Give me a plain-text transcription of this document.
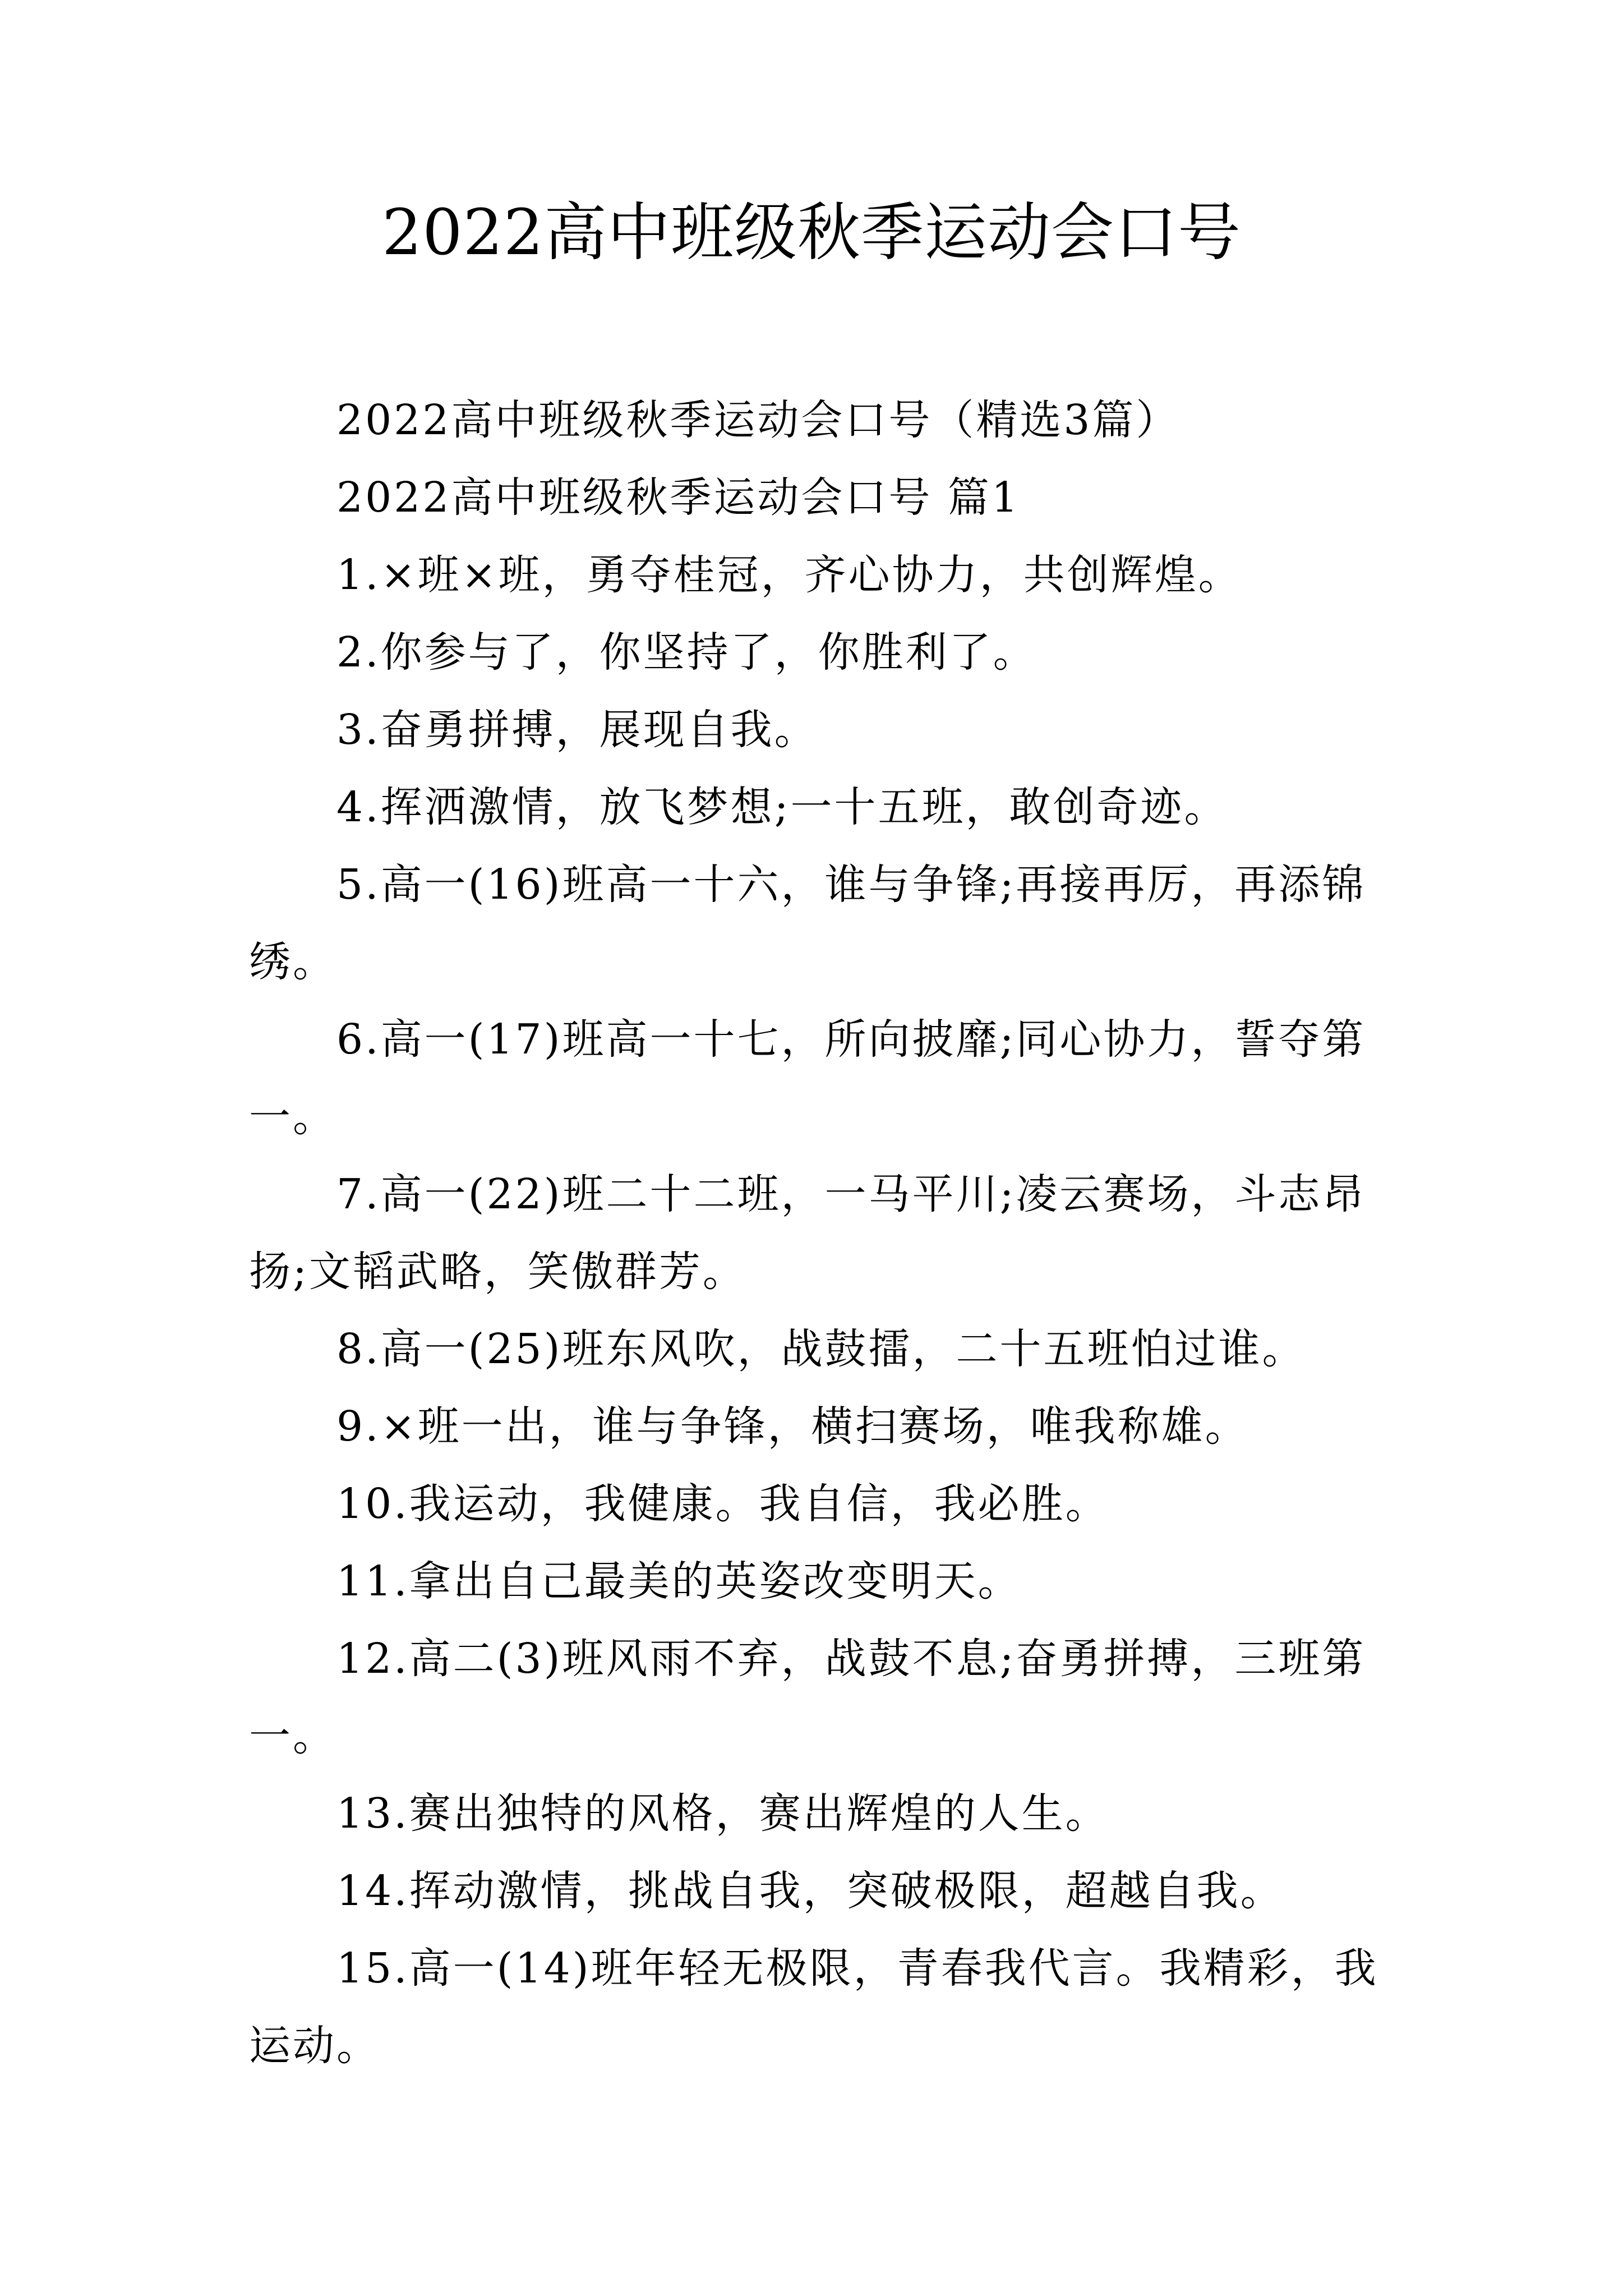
2022高中班级秋季运动会口号

2022高中班级秋季运动会口号（精选3篇）

2022高中班级秋季运动会口号 篇1

1.×班×班，勇夺桂冠，齐心协力，共创辉煌。

2.你参与了，你坚持了，你胜利了。

3.奋勇拼搏，展现自我。

4.挥洒激情，放飞梦想;一十五班，敢创奇迹。

5.高一(16)班高一十六，谁与争锋;再接再厉，再添锦绣。

6.高一(17)班高一十七，所向披靡;同心协力，誓夺第一。

7.高一(22)班二十二班，一马平川;凌云赛场，斗志昂扬;文韬武略，笑傲群芳。

8.高一(25)班东风吹，战鼓擂，二十五班怕过谁。

9.×班一出，谁与争锋，横扫赛场，唯我称雄。

10.我运动，我健康。我自信，我必胜。

11.拿出自己最美的英姿改变明天。

12.高二(3)班风雨不弃，战鼓不息;奋勇拼搏，三班第一。

13.赛出独特的风格，赛出辉煌的人生。

14.挥动激情，挑战自我，突破极限，超越自我。

15.高一(14)班年轻无极限，青春我代言。我精彩，我运动。
